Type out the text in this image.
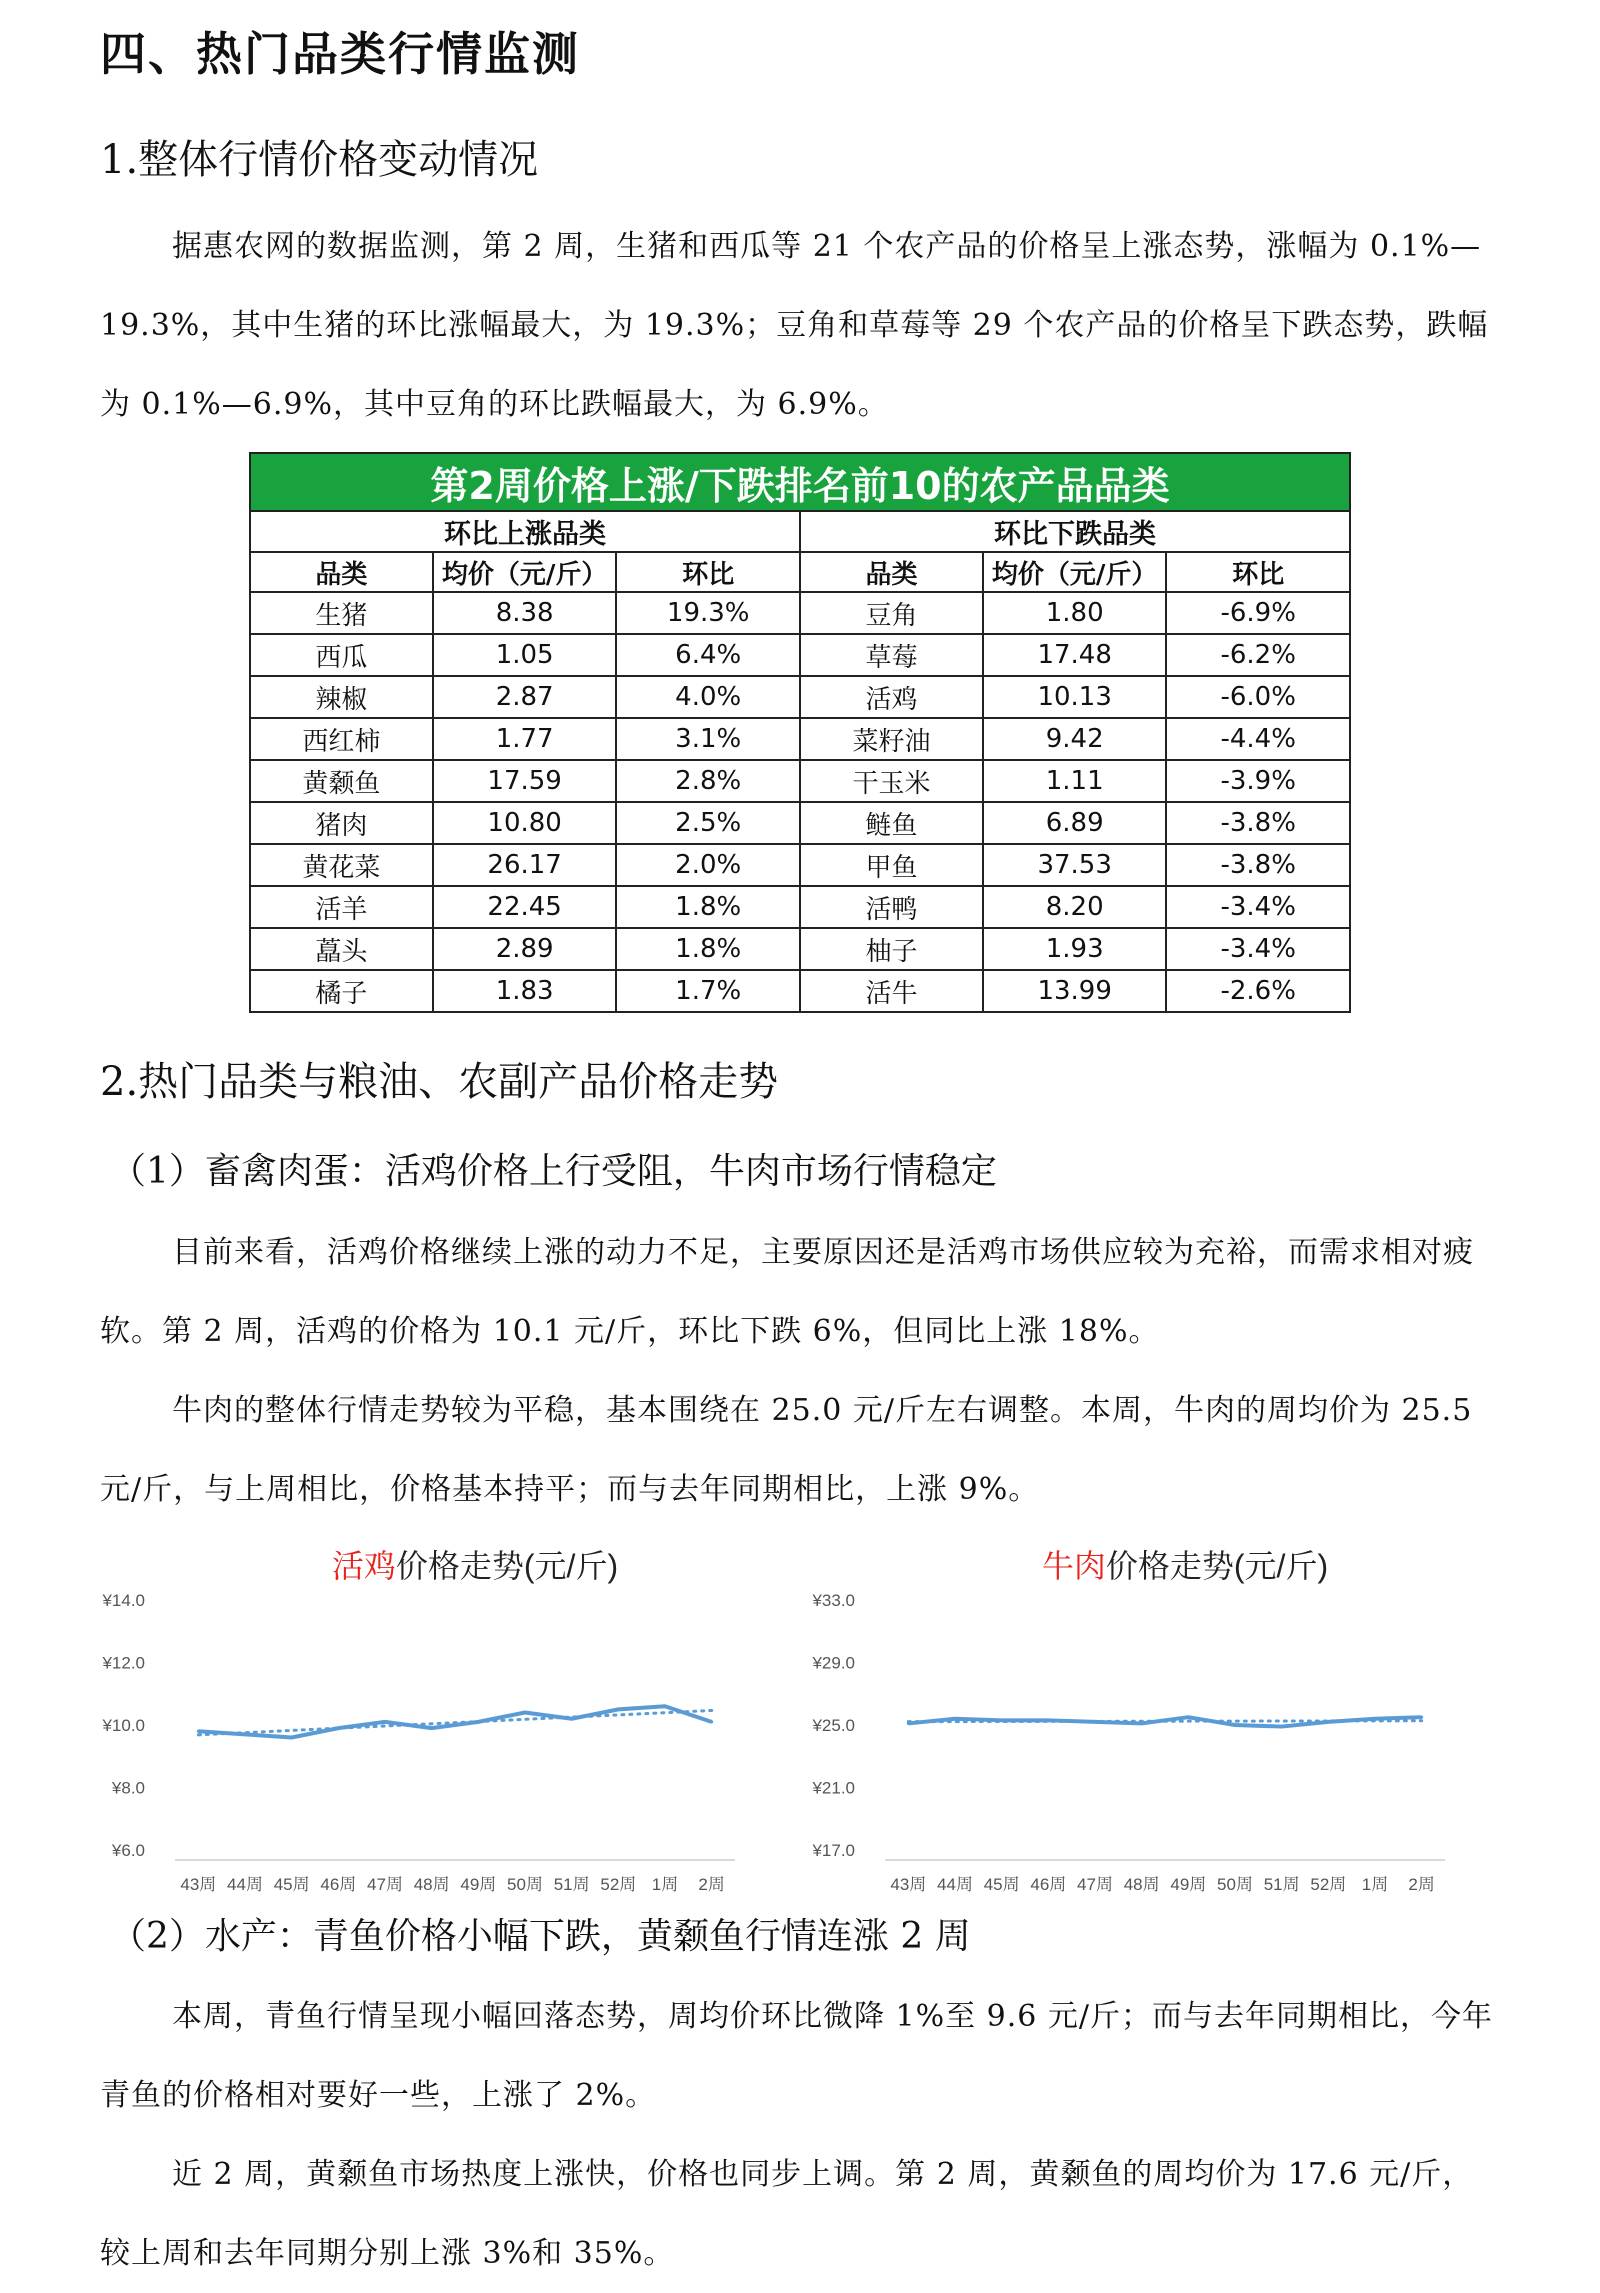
四、热门品类行情监测
1.整体行情价格变动情况

据惠农网的数据监测，第 2 周，生猪和西瓜等 21 个农产品的价格呈上涨态势，涨幅为 0.1%—19.3%，其中生猪的环比涨幅最大，为 19.3%；豆角和草莓等 29 个农产品的价格呈下跌态势，跌幅为 0.1%—6.9%，其中豆角的环比跌幅最大，为 6.9%。

第2周价格上涨/下跌排名前10的农产品品类					
环比上涨品类			环比下跌品类		
品类	均价（元/斤）	环比	品类	均价（元/斤）	环比
生猪	8.38	19.3%	豆角	1.80	-6.9%
西瓜	1.05	6.4%	草莓	17.48	-6.2%
辣椒	2.87	4.0%	活鸡	10.13	-6.0%
西红柿	1.77	3.1%	菜籽油	9.42	-4.4%
黄颡鱼	17.59	2.8%	干玉米	1.11	-3.9%
猪肉	10.80	2.5%	鲢鱼	6.89	-3.8%
黄花菜	26.17	2.0%	甲鱼	37.53	-3.8%
活羊	22.45	1.8%	活鸭	8.20	-3.4%
藠头	2.89	1.8%	柚子	1.93	-3.4%
橘子	1.83	1.7%	活牛	13.99	-2.6%
2.热门品类与粮油、农副产品价格走势
（1）畜禽肉蛋：活鸡价格上行受阻，牛肉市场行情稳定

目前来看，活鸡价格继续上涨的动力不足，主要原因还是活鸡市场供应较为充裕，而需求相对疲软。第 2 周，活鸡的价格为 10.1 元/斤，环比下跌 6%，但同比上涨 18%。

牛肉的整体行情走势较为平稳，基本围绕在 25.0 元/斤左右调整。本周，牛肉的周均价为 25.5 元/斤，与上周相比，价格基本持平；而与去年同期相比，上涨 9%。

活鸡价格走势(元/斤)
¥6.0
¥8.0
¥10.0
¥12.0
¥14.0
43周 44周 45周 46周 47周 48周 49周 50周 51周 52周 1周 2周
牛肉价格走势(元/斤)
¥17.0
¥21.0
¥25.0
¥29.0
¥33.0
43周 44周 45周 46周 47周 48周 49周 50周 51周 52周 1周 2周
（2）水产：青鱼价格小幅下跌，黄颡鱼行情连涨 2 周

本周，青鱼行情呈现小幅回落态势，周均价环比微降 1%至 9.6 元/斤；而与去年同期相比，今年青鱼的价格相对要好一些，上涨了 2%。

近 2 周，黄颡鱼市场热度上涨快，价格也同步上调。第 2 周，黄颡鱼的周均价为 17.6 元/斤，较上周和去年同期分别上涨 3%和 35%。
